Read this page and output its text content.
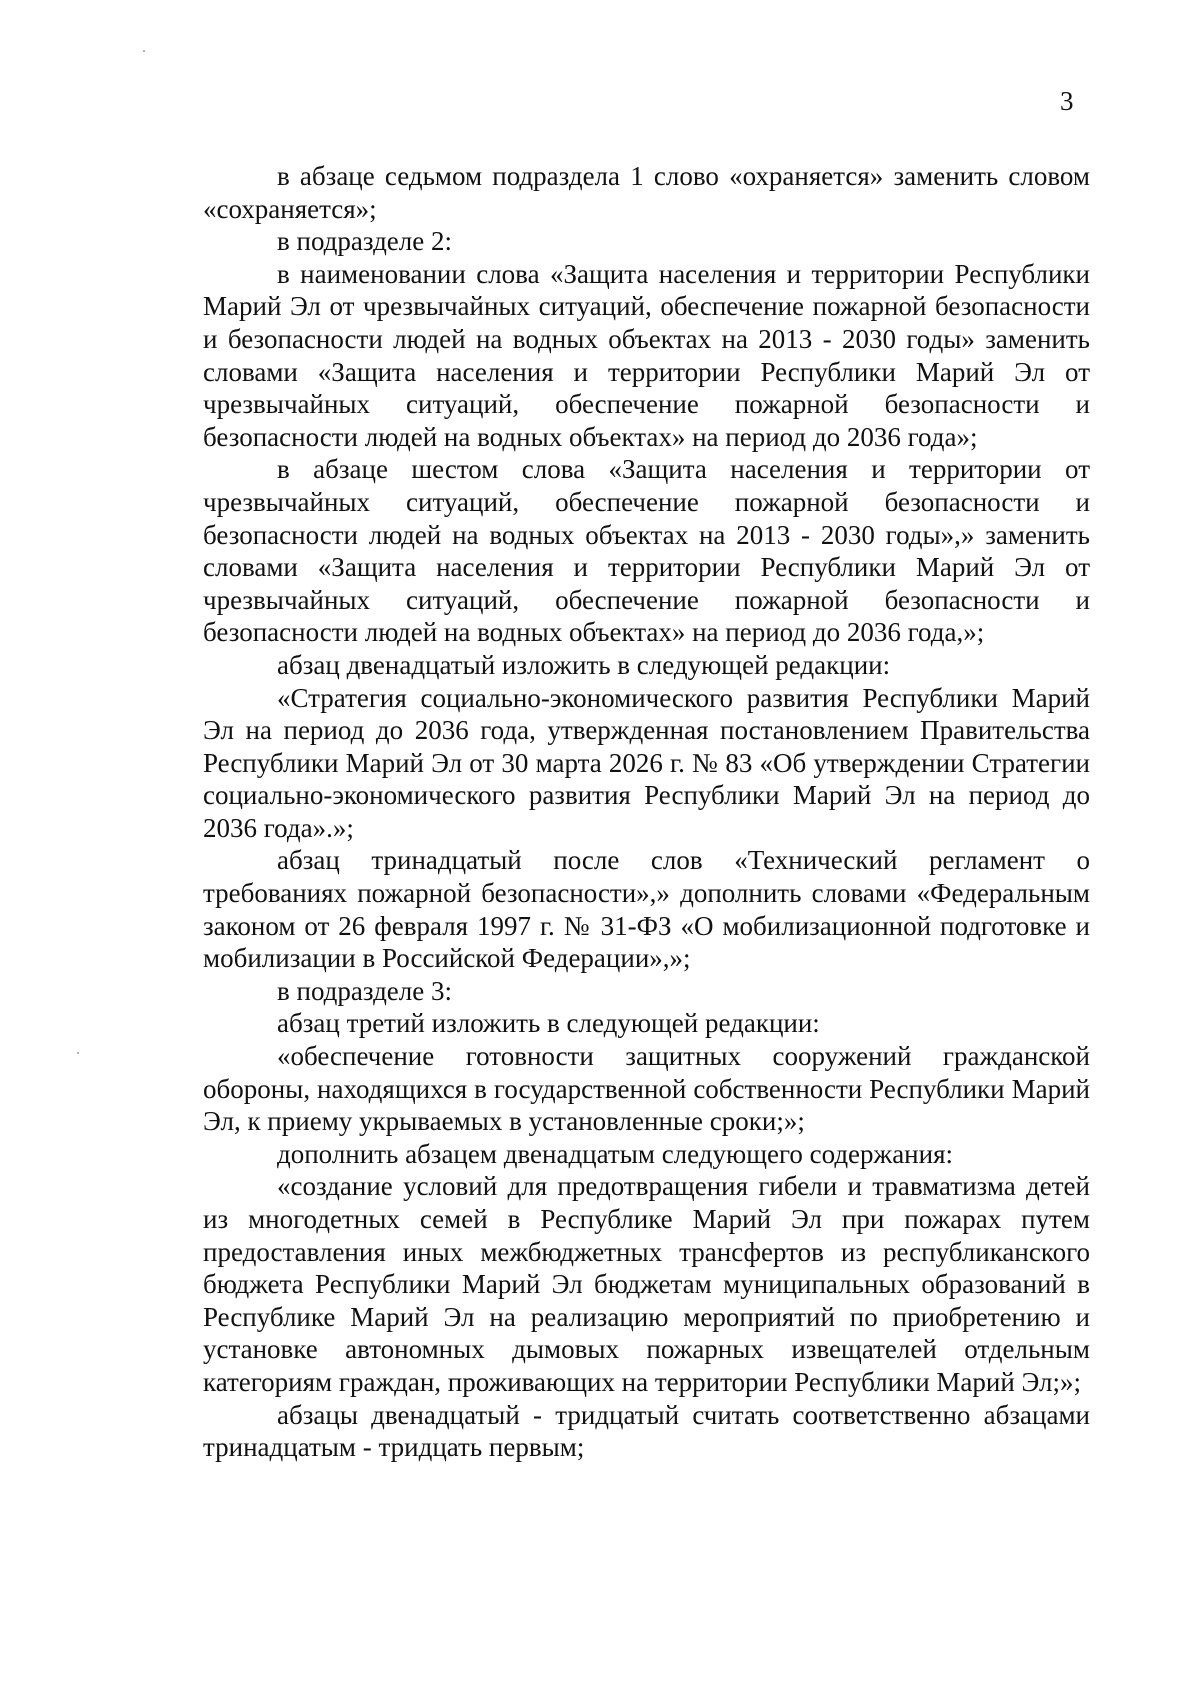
3

в абзаце седьмом подраздела 1 слово «охраняется» заменить словом «сохраняется»;

в подразделе 2:

в наименовании слова «Защита населения и территории Республики Марий Эл от чрезвычайных ситуаций, обеспечение пожарной безопасности и безопасности людей на водных объектах на 2013 - 2030 годы» заменить словами «Защита населения и территории Республики Марий Эл от чрезвычайных ситуаций, обеспечение пожарной безопасности и безопасности людей на водных объектах» на период до 2036 года»;

в абзаце шестом слова «Защита населения и территории от чрезвычайных ситуаций, обеспечение пожарной безопасности и безопасности людей на водных объектах на 2013 - 2030 годы»,» заменить словами «Защита населения и территории Республики Марий Эл от чрезвычайных ситуаций, обеспечение пожарной безопасности и безопасности людей на водных объектах» на период до 2036 года,»;

абзац двенадцатый изложить в следующей редакции:

«Стратегия социально-экономического развития Республики Марий Эл на период до 2036 года, утвержденная постановлением Правительства Республики Марий Эл от 30 марта 2026 г. № 83 «Об утверждении Стратегии социально-экономического развития Республики Марий Эл на период до 2036 года».»;

абзац тринадцатый после слов «Технический регламент о требованиях пожарной безопасности»,» дополнить словами «Федеральным законом от 26 февраля 1997 г. № 31-ФЗ «О мобилизационной подготовке и мобилизации в Российской Федерации»,»;

в подразделе 3:

абзац третий изложить в следующей редакции:

«обеспечение готовности защитных сооружений гражданской обороны, находящихся в государственной собственности Республики Марий Эл, к приему укрываемых в установленные сроки;»;

дополнить абзацем двенадцатым следующего содержания:

«создание условий для предотвращения гибели и травматизма детей из многодетных семей в Республике Марий Эл при пожарах путем предоставления иных межбюджетных трансфертов из республиканского бюджета Республики Марий Эл бюджетам муниципальных образований в Республике Марий Эл на реализацию мероприятий по приобретению и установке автономных дымовых пожарных извещателей отдельным категориям граждан, проживающих на территории Республики Марий Эл;»;

абзацы двенадцатый - тридцатый считать соответственно абзацами тринадцатым - тридцать первым;
